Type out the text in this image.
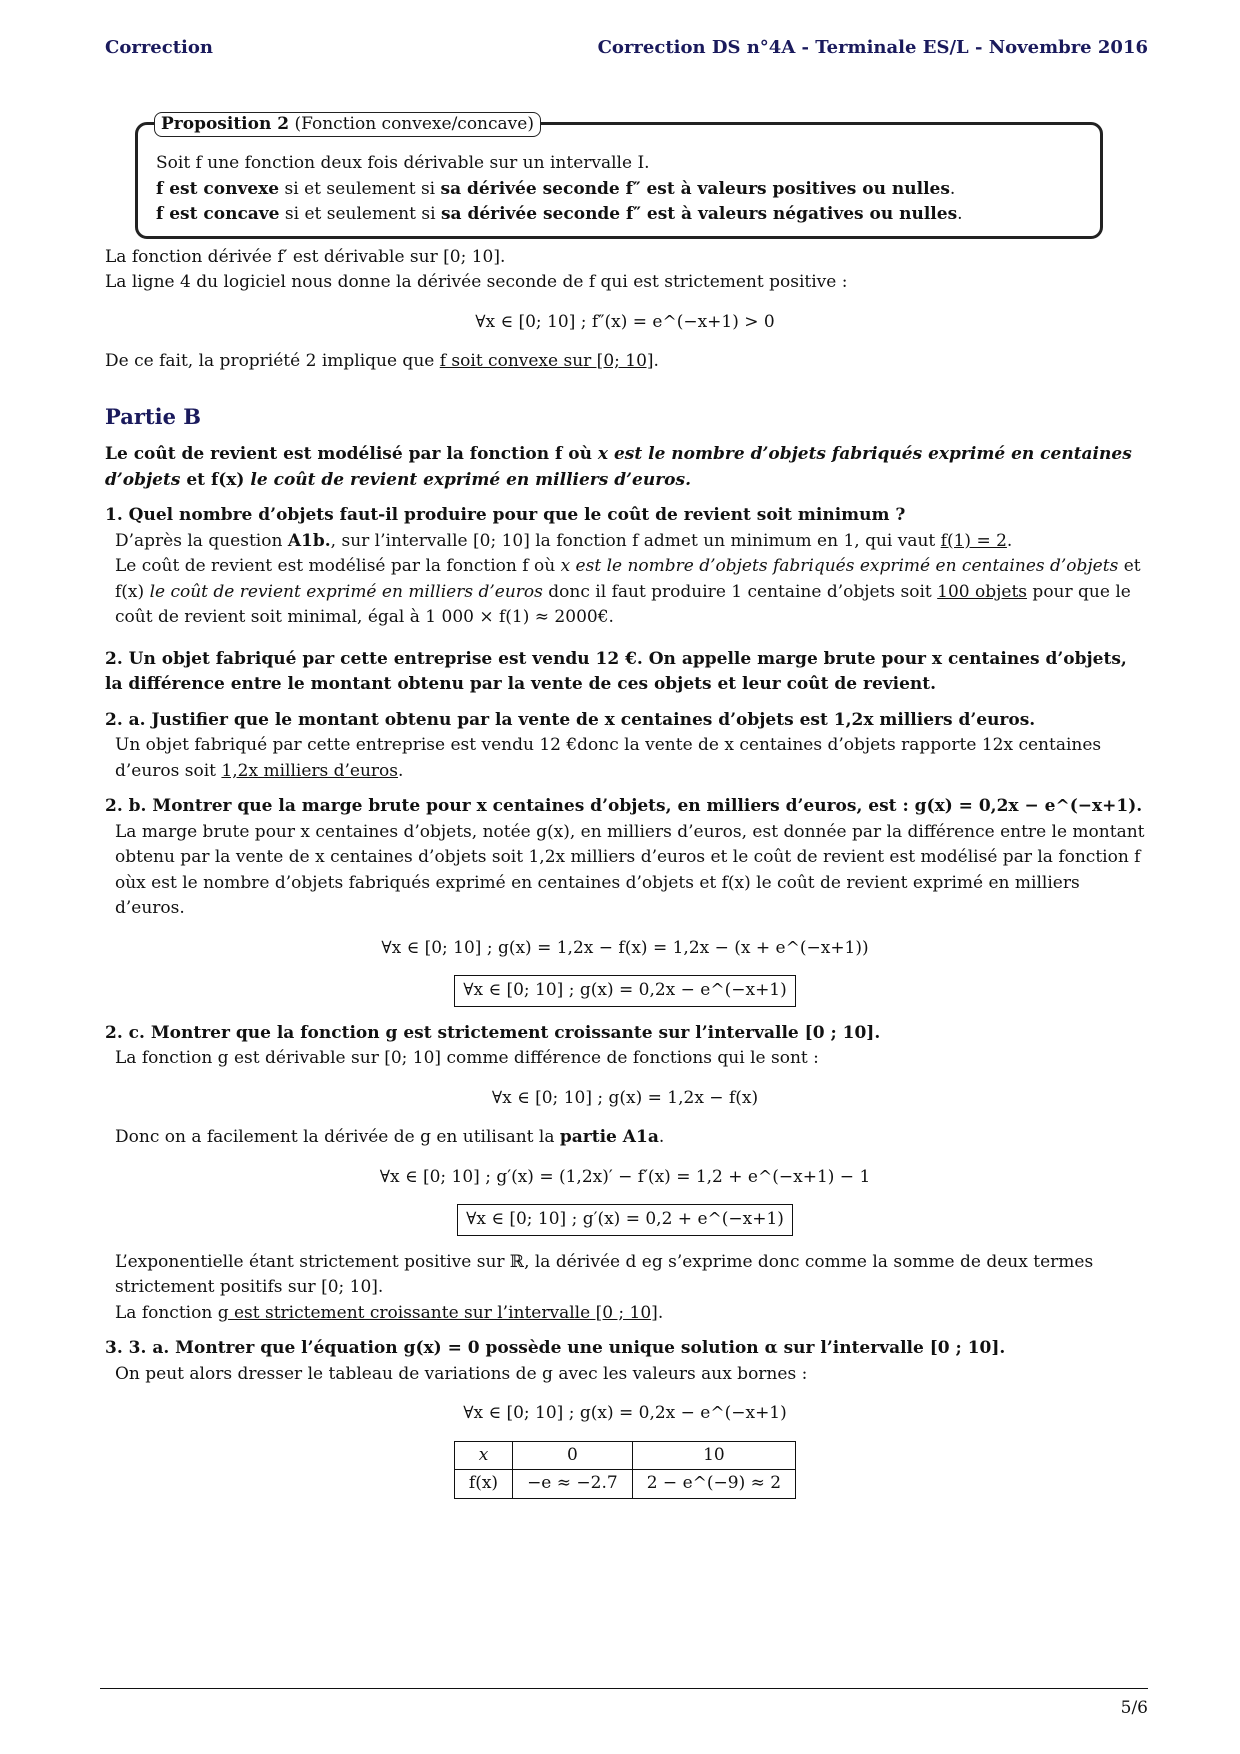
Correction	Correction DS n°4A - Terminale ES/L - Novembre 2016
Proposition 2 (Fonction convexe/concave)

Soit f une fonction deux fois dérivable sur un intervalle I.

f est convexe si et seulement si sa dérivée seconde f″ est à valeurs positives ou nulles.

f est concave si et seulement si sa dérivée seconde f″ est à valeurs négatives ou nulles.

La fonction dérivée f′ est dérivable sur [0; 10].

La ligne 4 du logiciel nous donne la dérivée seconde de f qui est strictement positive :

∀x ∈ [0; 10] ; f″(x) = e^(−x+1) > 0

De ce fait, la propriété 2 implique que f soit convexe sur [0; 10].

Partie B

Le coût de revient est modélisé par la fonction f où x est le nombre d’objets fabriqués exprimé en centaines d’objets et f(x) le coût de revient exprimé en milliers d’euros.

1. Quel nombre d’objets faut-il produire pour que le coût de revient soit minimum ?

D’après la question A1b., sur l’intervalle [0; 10] la fonction f admet un minimum en 1, qui vaut f(1) = 2.

Le coût de revient est modélisé par la fonction f où x est le nombre d’objets fabriqués exprimé en centaines d’objets et f(x) le coût de revient exprimé en milliers d’euros donc il faut produire 1 centaine d’objets soit 100 objets pour que le coût de revient soit minimal, égal à 1 000 × f(1) ≈ 2000€.

2. Un objet fabriqué par cette entreprise est vendu 12 €. On appelle marge brute pour x centaines d’objets, la différence entre le montant obtenu par la vente de ces objets et leur coût de revient.

2. a. Justifier que le montant obtenu par la vente de x centaines d’objets est 1,2x milliers d’euros.

Un objet fabriqué par cette entreprise est vendu 12 €donc la vente de x centaines d’objets rapporte 12x centaines d’euros soit 1,2x milliers d’euros.

2. b. Montrer que la marge brute pour x centaines d’objets, en milliers d’euros, est : g(x) = 0,2x − e^(−x+1).

La marge brute pour x centaines d’objets, notée g(x), en milliers d’euros, est donnée par la différence entre le montant obtenu par la vente de x centaines d’objets soit 1,2x milliers d’euros et le coût de revient est modélisé par la fonction f oùx est le nombre d’objets fabriqués exprimé en centaines d’objets et f(x) le coût de revient exprimé en milliers d’euros.

∀x ∈ [0; 10] ; g(x) = 1,2x − f(x) = 1,2x − (x + e^(−x+1))
∀x ∈ [0; 10] ; g(x) = 0,2x − e^(−x+1)

2. c. Montrer que la fonction g est strictement croissante sur l’intervalle [0 ; 10].

La fonction g est dérivable sur [0; 10] comme différence de fonctions qui le sont :

∀x ∈ [0; 10] ; g(x) = 1,2x − f(x)

Donc on a facilement la dérivée de g en utilisant la partie A1a.

∀x ∈ [0; 10] ; g′(x) = (1,2x)′ − f′(x) = 1,2 + e^(−x+1) − 1
∀x ∈ [0; 10] ; g′(x) = 0,2 + e^(−x+1)

L’exponentielle étant strictement positive sur ℝ, la dérivée d eg s’exprime donc comme la somme de deux termes strictement positifs sur [0; 10].

La fonction g est strictement croissante sur l’intervalle [0 ; 10].

3. 3. a. Montrer que l’équation g(x) = 0 possède une unique solution α sur l’intervalle [0 ; 10].

On peut alors dresser le tableau de variations de g avec les valeurs aux bornes :

∀x ∈ [0; 10] ; g(x) = 0,2x − e^(−x+1)
x	0	10
f(x)	−e ≈ −2.7	2 − e^(−9) ≈ 2
5/6
